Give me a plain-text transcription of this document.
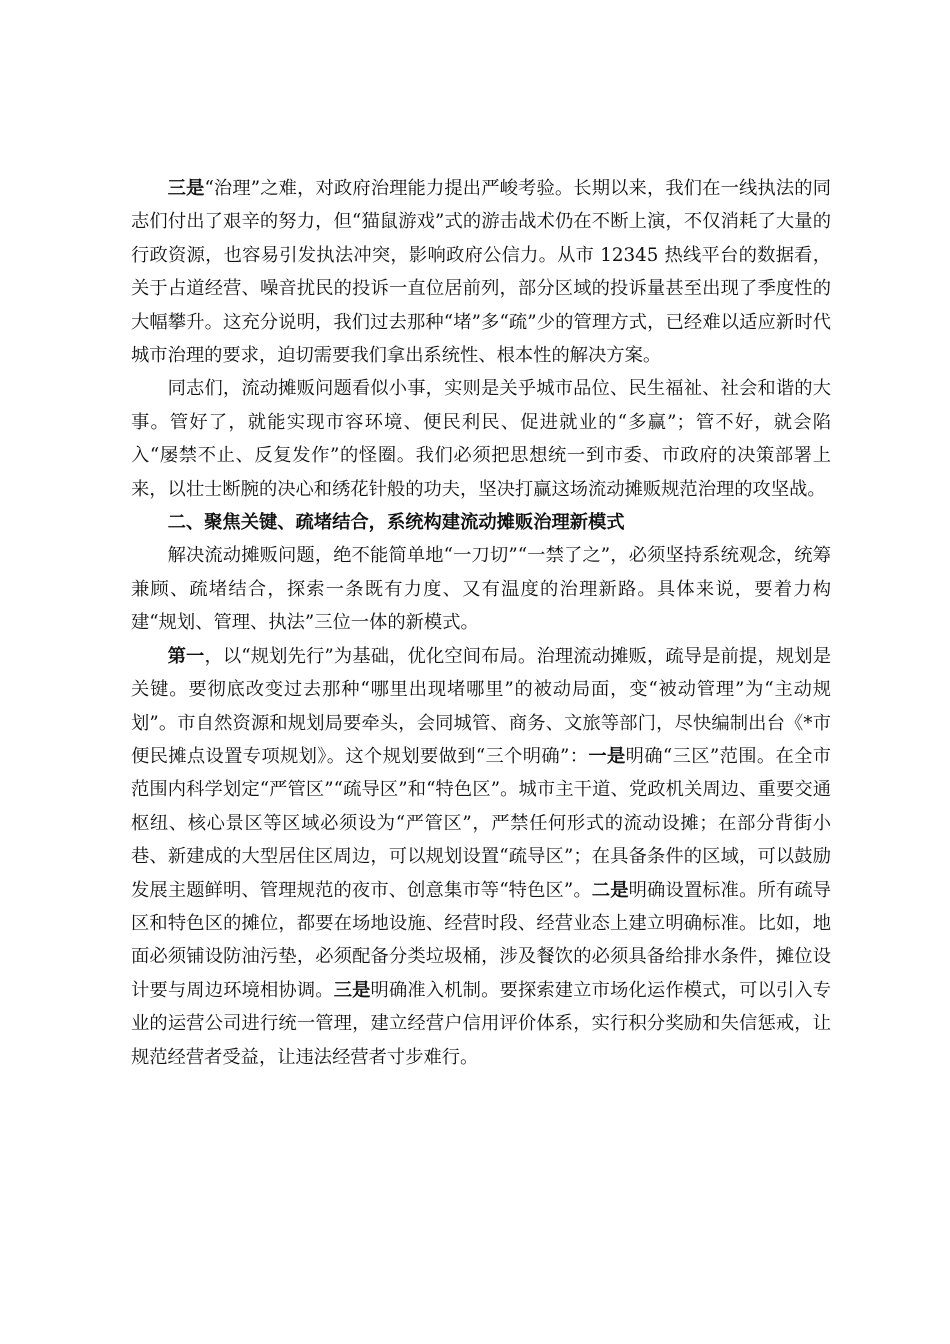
三是“治理”之难，对政府治理能力提出严峻考验。长期以来，我们在一线执法的同志们付出了艰辛的努力，但“猫鼠游戏”式的游击战术仍在不断上演，不仅消耗了大量的行政资源，也容易引发执法冲突，影响政府公信力。从市 12345 热线平台的数据看，关于占道经营、噪音扰民的投诉一直位居前列，部分区域的投诉量甚至出现了季度性的大幅攀升。这充分说明，我们过去那种“堵”多“疏”少的管理方式，已经难以适应新时代城市治理的要求，迫切需要我们拿出系统性、根本性的解决方案。

同志们，流动摊贩问题看似小事，实则是关乎城市品位、民生福祉、社会和谐的大事。管好了，就能实现市容环境、便民利民、促进就业的“多赢”；管不好，就会陷入“屡禁不止、反复发作”的怪圈。我们必须把思想统一到市委、市政府的决策部署上来，以壮士断腕的决心和绣花针般的功夫，坚决打赢这场流动摊贩规范治理的攻坚战。

二、聚焦关键、疏堵结合，系统构建流动摊贩治理新模式

解决流动摊贩问题，绝不能简单地“一刀切”“一禁了之”，必须坚持系统观念，统筹兼顾、疏堵结合，探索一条既有力度、又有温度的治理新路。具体来说，要着力构建“规划、管理、执法”三位一体的新模式。

第一，以“规划先行”为基础，优化空间布局。治理流动摊贩，疏导是前提，规划是关键。要彻底改变过去那种“哪里出现堵哪里”的被动局面，变“被动管理”为“主动规划”。市自然资源和规划局要牵头，会同城管、商务、文旅等部门，尽快编制出台《*市便民摊点设置专项规划》。这个规划要做到“三个明确”：一是明确“三区”范围。在全市范围内科学划定“严管区”“疏导区”和“特色区”。城市主干道、党政机关周边、重要交通枢纽、核心景区等区域必须设为“严管区”，严禁任何形式的流动设摊；在部分背街小巷、新建成的大型居住区周边，可以规划设置“疏导区”；在具备条件的区域，可以鼓励发展主题鲜明、管理规范的夜市、创意集市等“特色区”。二是明确设置标准。所有疏导区和特色区的摊位，都要在场地设施、经营时段、经营业态上建立明确标准。比如，地面必须铺设防油污垫，必须配备分类垃圾桶，涉及餐饮的必须具备给排水条件，摊位设计要与周边环境相协调。三是明确准入机制。要探索建立市场化运作模式，可以引入专业的运营公司进行统一管理，建立经营户信用评价体系，实行积分奖励和失信惩戒，让规范经营者受益，让违法经营者寸步难行。
